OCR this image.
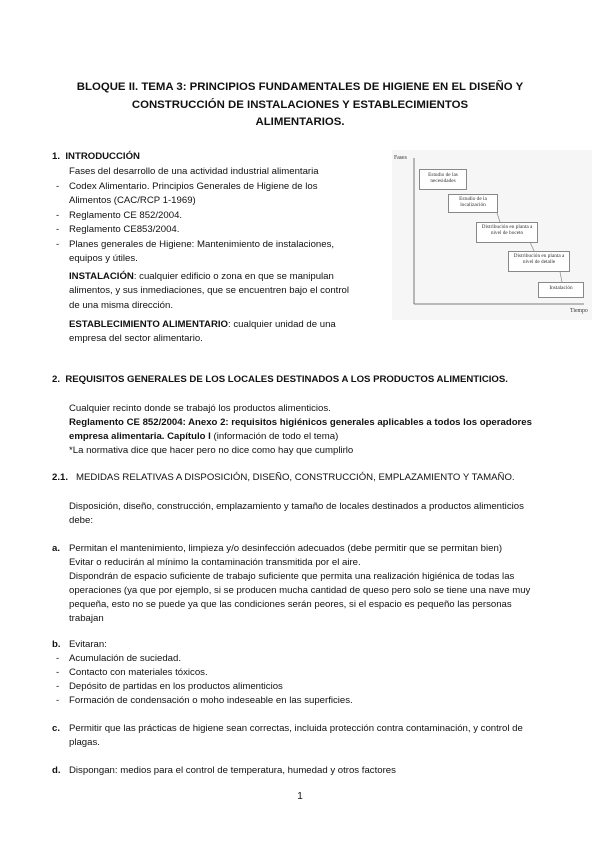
BLOQUE II. TEMA 3: PRINCIPIOS FUNDAMENTALES DE HIGIENE EN EL DISEÑO Y
CONSTRUCCIÓN DE INSTALACIONES Y ESTABLECIMIENTOS
ALIMENTARIOS.
1. INTRODUCCIÓN
Fases del desarrollo de una actividad industrial alimentaria
- Codex Alimentario. Principios Generales de Higiene de los
Alimentos (CAC/RCP 1-1969)
- Reglamento CE 852/2004.
- Reglamento CE853/2004.
- Planes generales de Higiene: Mantenimiento de instalaciones,
equipos y útiles.
INSTALACIÓN: cualquier edificio o zona en que se manipulan
alimentos, y sus inmediaciones, que se encuentren bajo el control
de una misma dirección.
ESTABLECIMIENTO ALIMENTARIO: cualquier unidad de una
empresa del sector alimentario.
Fases
Tiempo
Estudio de las necesidades
Estudio de la localización
Distribución en planta a nivel de boceto
Distribución en planta a nivel de detalle
Instalación
2. REQUISITOS GENERALES DE LOS LOCALES DESTINADOS A LOS PRODUCTOS ALIMENTICIOS.
Cualquier recinto donde se trabajó los productos alimenticios.
Reglamento CE 852/2004: Anexo 2: requisitos higiénicos generales aplicables a todos los operadores
empresa alimentaria. Capítulo I (información de todo el tema)
*La normativa dice que hacer pero no dice como hay que cumplirlo
2.1. MEDIDAS RELATIVAS A DISPOSICIÓN, DISEÑO, CONSTRUCCIÓN, EMPLAZAMIENTO Y TAMAÑO.
Disposición, diseño, construcción, emplazamiento y tamaño de locales destinados a productos alimenticios
debe:
a. Permitan el mantenimiento, limpieza y/o desinfección adecuados (debe permitir que se permitan bien)
Evitar o reducirán al mínimo la contaminación transmitida por el aire.
Dispondrán de espacio suficiente de trabajo suficiente que permita una realización higiénica de todas las
operaciones (ya que por ejemplo, si se producen mucha cantidad de queso pero solo se tiene una nave muy
pequeña, esto no se puede ya que las condiciones serán peores, si el espacio es pequeño las personas
trabajan
b. Evitaran:
- Acumulación de suciedad.
- Contacto con materiales tóxicos.
- Depósito de partidas en los productos alimenticios
- Formación de condensación o moho indeseable en las superficies.
c. Permitir que las prácticas de higiene sean correctas, incluida protección contra contaminación, y control de
plagas.
d. Dispongan: medios para el control de temperatura, humedad y otros factores
1
